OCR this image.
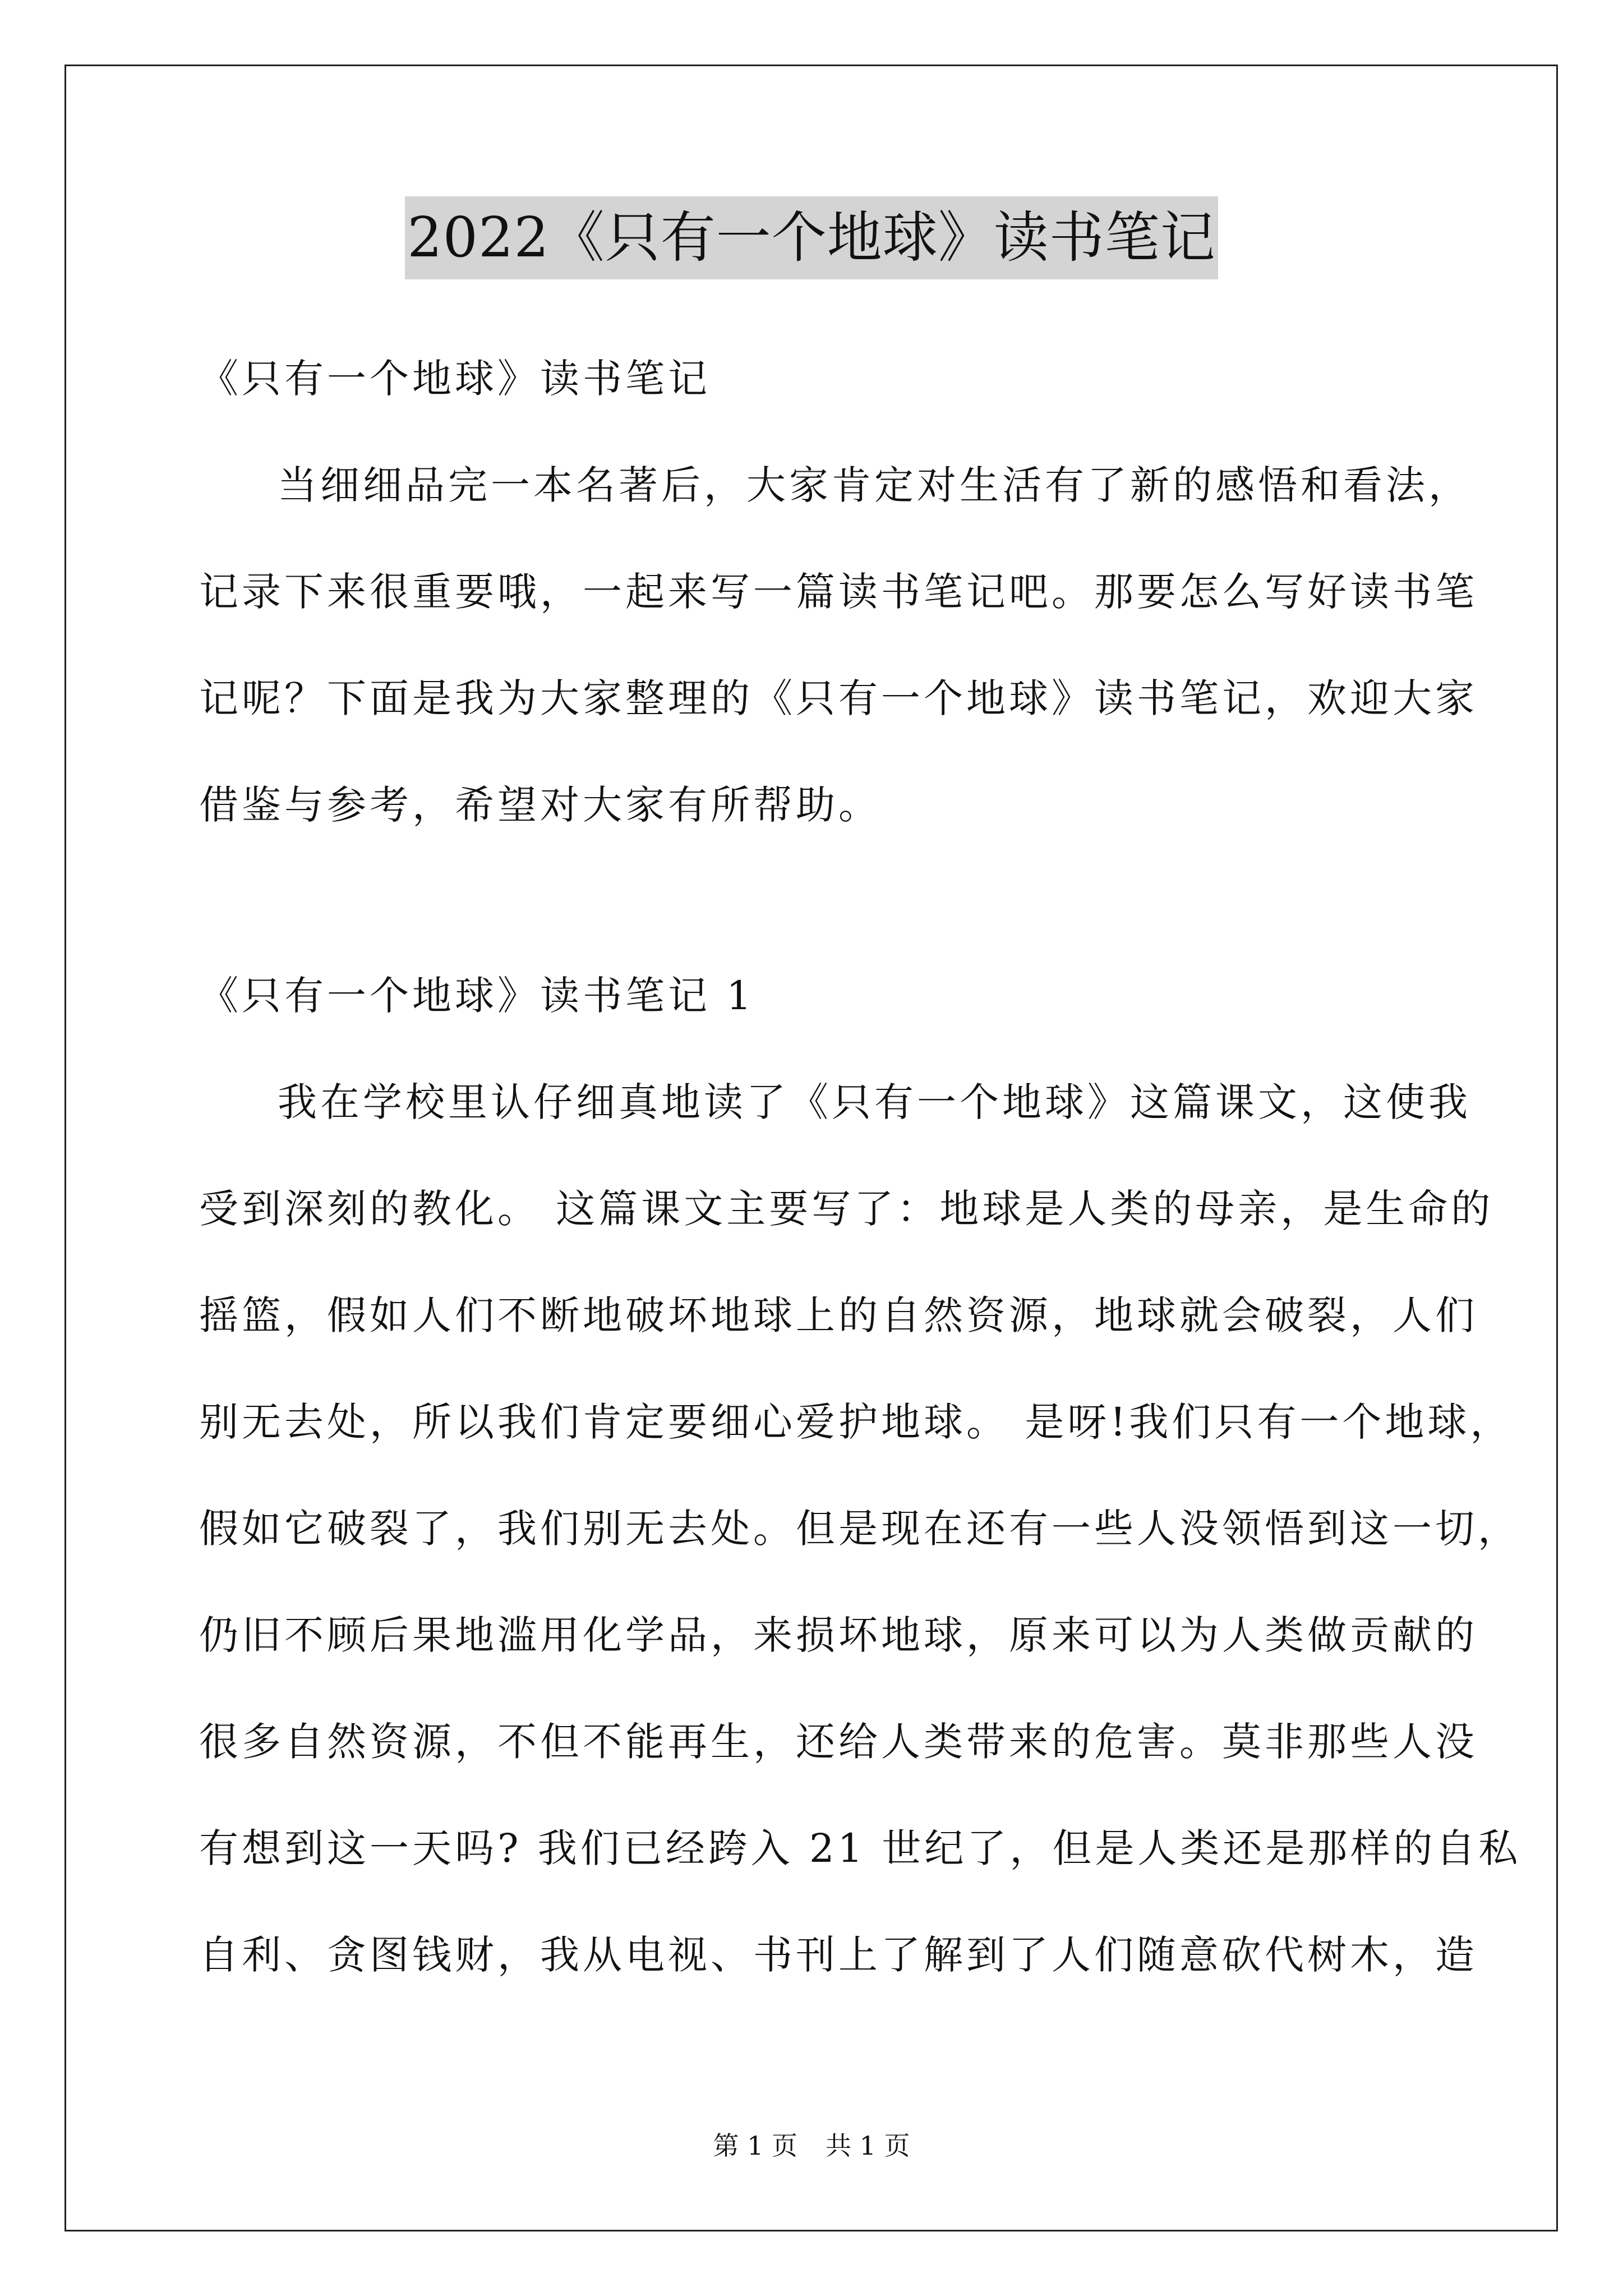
2022《只有一个地球》读书笔记
《只有一个地球》读书笔记
当细细品完一本名著后，大家肯定对生活有了新的感悟和看法，
记录下来很重要哦，一起来写一篇读书笔记吧。那要怎么写好读书笔
记呢？下面是我为大家整理的《只有一个地球》读书笔记，欢迎大家
借鉴与参考，希望对大家有所帮助。
《只有一个地球》读书笔记 1
我在学校里认仔细真地读了《只有一个地球》这篇课文，这使我
受到深刻的教化。 这篇课文主要写了：地球是人类的母亲，是生命的
摇篮，假如人们不断地破坏地球上的自然资源，地球就会破裂，人们
别无去处，所以我们肯定要细心爱护地球。 是呀!我们只有一个地球，
假如它破裂了，我们别无去处。但是现在还有一些人没领悟到这一切，
仍旧不顾后果地滥用化学品，来损坏地球，原来可以为人类做贡献的
很多自然资源，不但不能再生，还给人类带来的危害。莫非那些人没
有想到这一天吗? 我们已经跨入 21 世纪了，但是人类还是那样的自私
自利、贪图钱财，我从电视、书刊上了解到了人们随意砍代树木，造
第 1 页 共 1 页
